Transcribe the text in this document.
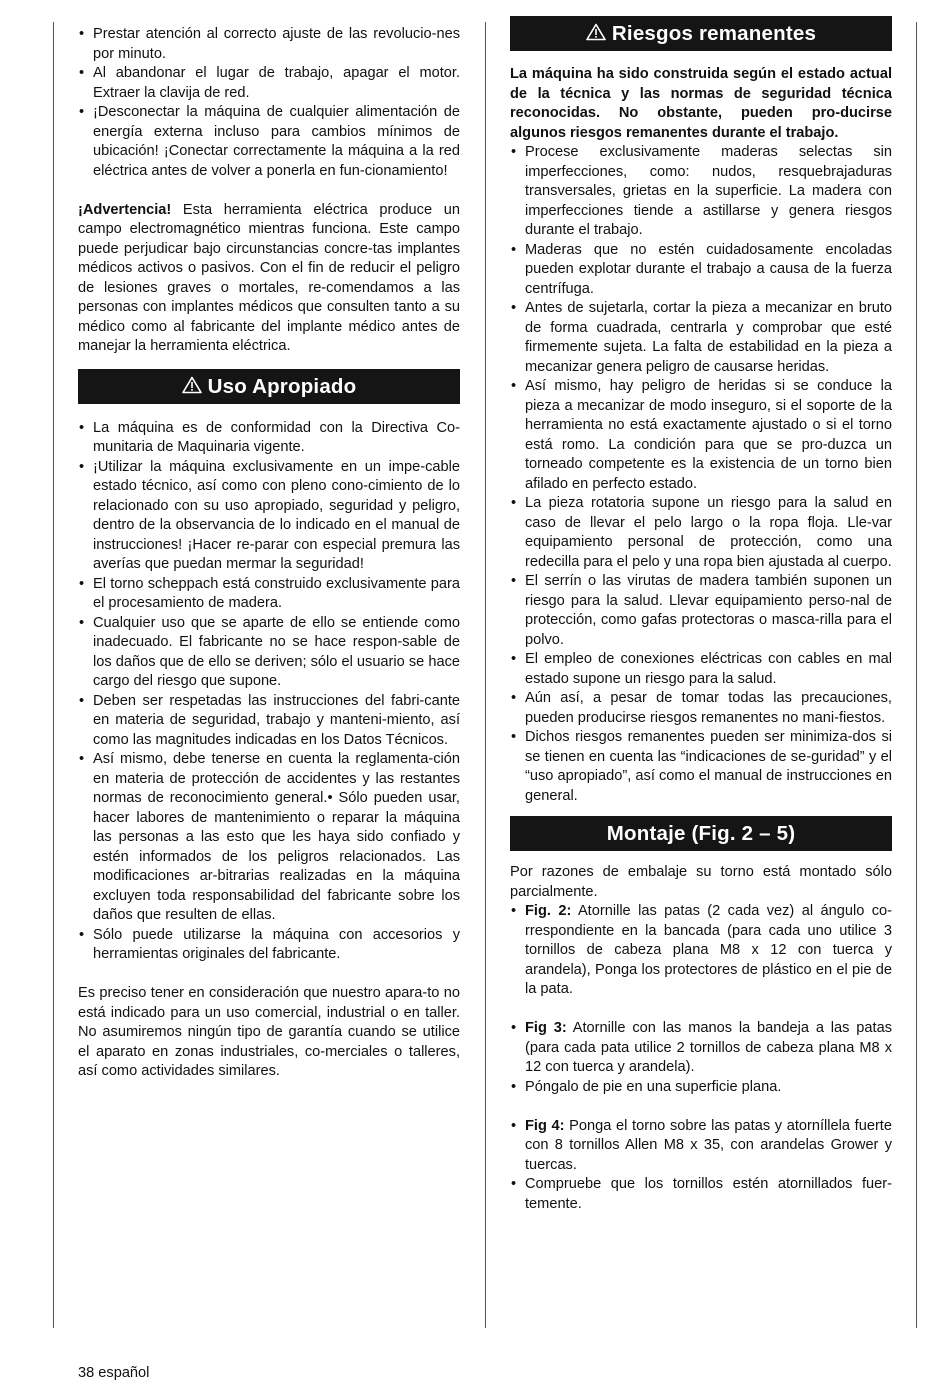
• Prestar atención al correcto ajuste de las revolucio-nes por minuto.
• Al abandonar el lugar de trabajo, apagar el motor. Extraer la clavija de red.
• ¡Desconectar la máquina de cualquier alimentación de energía externa incluso para cambios mínimos de ubicación! ¡Conectar correctamente la máquina a la red eléctrica antes de volver a ponerla en fun-cionamiento!

¡Advertencia! Esta herramienta eléctrica produce un campo electromagnético mientras funciona. Este campo puede perjudicar bajo circunstancias concre-tas implantes médicos activos o pasivos. Con el fin de reducir el peligro de lesiones graves o mortales, re-comendamos a las personas con implantes médicos que consulten tanto a su médico como al fabricante del implante médico antes de manejar la herramienta eléctrica.

Uso Apropiado
• La máquina es de conformidad con la Directiva Co-munitaria de Maquinaria vigente.
• ¡Utilizar la máquina exclusivamente en un impe-cable estado técnico, así como con pleno cono-cimiento de lo relacionado con su uso apropiado, seguridad y peligro, dentro de la observancia de lo indicado en el manual de instrucciones! ¡Hacer re-parar con especial premura las averías que puedan mermar la seguridad!
• El torno scheppach está construido exclusivamente para el procesamiento de madera.
• Cualquier uso que se aparte de ello se entiende como inadecuado. El fabricante no se hace respon-sable de los daños que de ello se deriven; sólo el usuario se hace cargo del riesgo que supone.
• Deben ser respetadas las instrucciones del fabri-cante en materia de seguridad, trabajo y manteni-miento, así como las magnitudes indicadas en los Datos Técnicos.
• Así mismo, debe tenerse en cuenta la reglamenta-ción en materia de protección de accidentes y las restantes normas de reconocimiento general.• Sólo pueden usar, hacer labores de mantenimiento o reparar la máquina las personas a las esto que les haya sido confiado y estén informados de los peligros relacionados. Las modificaciones ar-bitrarias realizadas en la máquina excluyen toda responsabilidad del fabricante sobre los daños que resulten de ellas.
• Sólo puede utilizarse la máquina con accesorios y herramientas originales del fabricante.

Es preciso tener en consideración que nuestro apara-to no está indicado para un uso comercial, industrial o en taller. No asumiremos ningún tipo de garantía cuando se utilice el aparato en zonas industriales, co-merciales o talleres, así como actividades similares.

Riesgos remanentes

La máquina ha sido construida según el estado actual de la técnica y las normas de seguridad técnica reconocidas. No obstante, pueden pro-ducirse algunos riesgos remanentes durante el trabajo.

• Procese exclusivamente maderas selectas sin imperfecciones, como: nudos, resquebrajaduras transversales, grietas en la superficie. La madera con imperfecciones tiende a astillarse y genera riesgos durante el trabajo.
• Maderas que no estén cuidadosamente encoladas pueden explotar durante el trabajo a causa de la fuerza centrífuga.
• Antes de sujetarla, cortar la pieza a mecanizar en bruto de forma cuadrada, centrarla y comprobar que esté firmemente sujeta. La falta de estabilidad en la pieza a mecanizar genera peligro de causarse heridas.
• Así mismo, hay peligro de heridas si se conduce la pieza a mecanizar de modo inseguro, si el soporte de la herramienta no está exactamente ajustado o si el torno está romo. La condición para que se pro-duzca un torneado competente es la existencia de un torno bien afilado en perfecto estado.
• La pieza rotatoria supone un riesgo para la salud en caso de llevar el pelo largo o la ropa floja. Lle-var equipamiento personal de protección, como una redecilla para el pelo y una ropa bien ajustada al cuerpo.
• El serrín o las virutas de madera también suponen un riesgo para la salud. Llevar equipamiento perso-nal de protección, como gafas protectoras o masca-rilla para el polvo.
• El empleo de conexiones eléctricas con cables en mal estado supone un riesgo para la salud.
• Aún así, a pesar de tomar todas las precauciones, pueden producirse riesgos remanentes no mani-fiestos.
• Dichos riesgos remanentes pueden ser minimiza-dos si se tienen en cuenta las “indicaciones de se-guridad” y el “uso apropiado”, así como el manual de instrucciones en general.
Montaje (Fig. 2 – 5)

Por razones de embalaje su torno está montado sólo parcialmente.

• Fig. 2: Atornille las patas (2 cada vez) al ángulo co-rrespondiente en la bancada (para cada uno utilice 3 tornillos de cabeza plana M8 x 12 con tuerca y arandela), Ponga los protectores de plástico en el pie de la pata.
• Fig 3: Atornille con las manos la bandeja a las patas (para cada pata utilice 2 tornillos de cabeza plana M8 x 12 con tuerca y arandela).
• Póngalo de pie en una superficie plana.
• Fig 4: Ponga el torno sobre las patas y atorníllela fuerte con 8 tornillos Allen M8 x 35, con arandelas Grower y tuercas.
• Compruebe que los tornillos estén atornillados fuer-temente.
38 español
